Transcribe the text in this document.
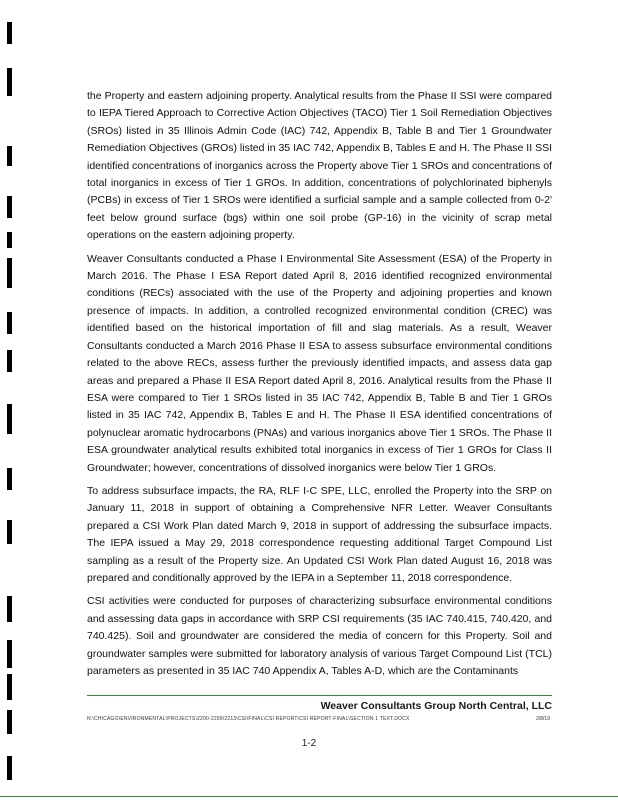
the Property and eastern adjoining property. Analytical results from the Phase II SSI were compared to IEPA Tiered Approach to Corrective Action Objectives (TACO) Tier 1 Soil Remediation Objectives (SROs) listed in 35 Illinois Admin Code (IAC) 742, Appendix B, Table B and Tier 1 Groundwater Remediation Objectives (GROs) listed in 35 IAC 742, Appendix B, Tables E and H. The Phase II SSI identified concentrations of inorganics across the Property above Tier 1 SROs and concentrations of total inorganics in excess of Tier 1 GROs. In addition, concentrations of polychlorinated biphenyls (PCBs) in excess of Tier 1 SROs were identified a surficial sample and a sample collected from 0-2' feet below ground surface (bgs) within one soil probe (GP-16) in the vicinity of scrap metal operations on the eastern adjoining property.

Weaver Consultants conducted a Phase I Environmental Site Assessment (ESA) of the Property in March 2016. The Phase I ESA Report dated April 8, 2016 identified recognized environmental conditions (RECs) associated with the use of the Property and adjoining properties and known presence of impacts. In addition, a controlled recognized environmental condition (CREC) was identified based on the historical importation of fill and slag materials. As a result, Weaver Consultants conducted a March 2016 Phase II ESA to assess subsurface environmental conditions related to the above RECs, assess further the previously identified impacts, and assess data gap areas and prepared a Phase II ESA Report dated April 8, 2016. Analytical results from the Phase II ESA were compared to Tier 1 SROs listed in 35 IAC 742, Appendix B, Table B and Tier 1 GROs listed in 35 IAC 742, Appendix B, Tables E and H. The Phase II ESA identified concentrations of polynuclear aromatic hydrocarbons (PNAs) and various inorganics above Tier 1 SROs. The Phase II ESA groundwater analytical results exhibited total inorganics in excess of Tier 1 GROs for Class II Groundwater; however, concentrations of dissolved inorganics were below Tier 1 GROs.

To address subsurface impacts, the RA, RLF I-C SPE, LLC, enrolled the Property into the SRP on January 11, 2018 in support of obtaining a Comprehensive NFR Letter. Weaver Consultants prepared a CSI Work Plan dated March 9, 2018 in support of addressing the subsurface impacts. The IEPA issued a May 29, 2018 correspondence requesting additional Target Compound List sampling as a result of the Property size. An Updated CSI Work Plan dated August 16, 2018 was prepared and conditionally approved by the IEPA in a September 11, 2018 correspondence.

CSI activities were conducted for purposes of characterizing subsurface environmental conditions and assessing data gaps in accordance with SRP CSI requirements (35 IAC 740.415, 740.420, and 740.425). Soil and groundwater are considered the media of concern for this Property. Soil and groundwater samples were submitted for laboratory analysis of various Target Compound List (TCL) parameters as presented in 35 IAC 740 Appendix A, Tables A-D, which are the Contaminants

Weaver Consultants Group North Central, LLC
N:\CHICAGO\ENVIRONMENTAL\PROJECTS\2200-2299\2213\CSI\FINAL\CSI REPORT\CSI REPORT-FINAL\SECTION 1 TEXT.DOCX	2/8/19
1-2
